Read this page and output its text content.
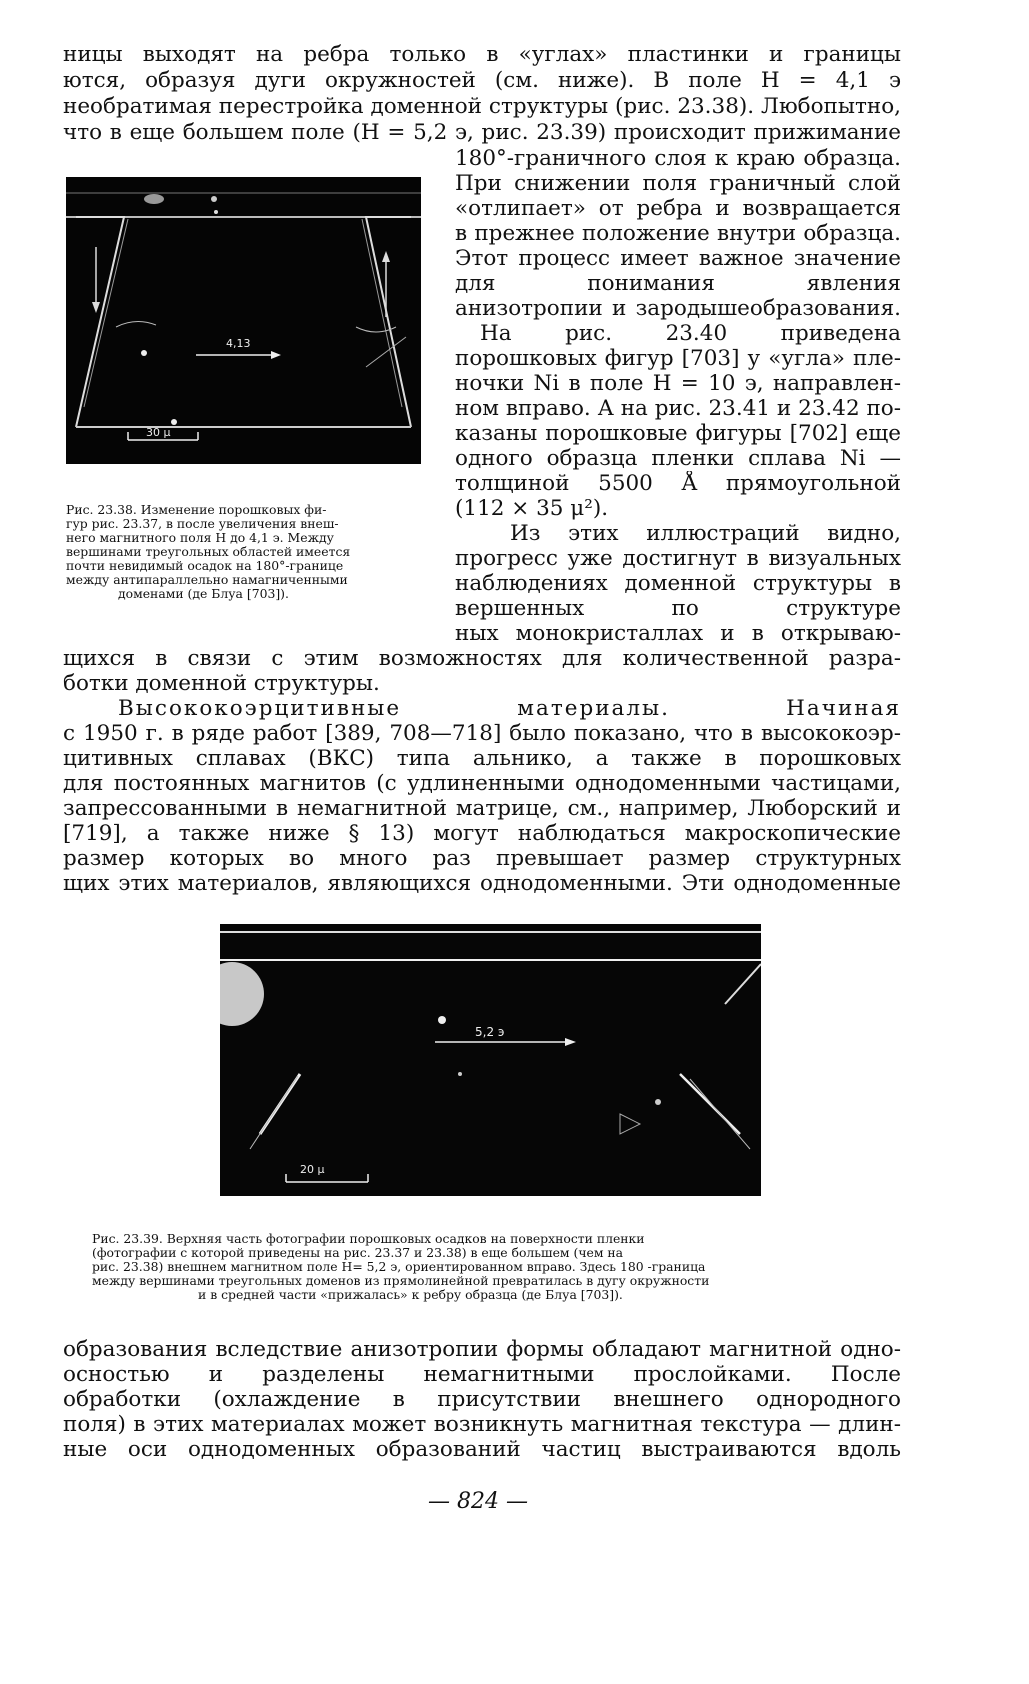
ницы выходят на ребра только в «углах» пластинки и границы
ются, образуя дуги окружностей (см. ниже). В поле H = 4,1 э
необратимая перестройка доменной структуры (рис. 23.38). Любопытно,
что в еще большем поле (H = 5,2 э, рис. 23.39) происходит прижимание
180°-граничного слоя к краю образца.
При снижении поля граничный слой
«отлипает» от ребра и возвращается
в прежнее положение внутри образца.
Этот процесс имеет важное значение
для понимания явления
анизотропии и зародышеобразования.
На рис. 23.40 приведена
порошковых фигур [703] у «угла» пле-
ночки Ni в поле H = 10 э, направлен-
ном вправо. А на рис. 23.41 и 23.42 по-
казаны порошковые фигуры [702] еще
одного образца пленки сплава Ni —
толщиной 5500 Å прямоугольной
(112 × 35 μ²).
Из этих иллюстраций видно,
прогресс уже достигнут в визуальных
наблюдениях доменной структуры в
вершенных по структуре
ных монокристаллах и в открываю-
4,13
30 μ
Рис. 23.38. Изменение порошковых фи-
гур рис. 23.37, в после увеличения внеш-
него магнитного поля H до 4,1 э. Между
вершинами треугольных областей имеется
почти невидимый осадок на 180°-границе
между антипараллельно намагниченными
доменами (де Блуа [703]).
щихся в связи с этим возможностях для количественной разра-
ботки доменной структуры.
Высококоэрцитивные материалы. Начиная
с 1950 г. в ряде работ [389, 708—718] было показано, что в высококоэр-
цитивных сплавах (ВКС) типа альнико, а также в порошковых
для постоянных магнитов (с удлиненными однодоменными частицами,
запрессованными в немагнитной матрице, см., например, Люборский и
[719], а также ниже § 13) могут наблюдаться макроскопические
размер которых во много раз превышает размер структурных
щих этих материалов, являющихся однодоменными. Эти однодоменные
5,2 э
20 μ
Рис. 23.39. Верхняя часть фотографии порошковых осадков на поверхности пленки
(фотографии с которой приведены на рис. 23.37 и 23.38) в еще большем (чем на
рис. 23.38) внешнем магнитном поле H= 5,2 э, ориентированном вправо. Здесь 180 -граница
между вершинами треугольных доменов из прямолинейной превратилась в дугу окружности
и в средней части «прижалась» к ребру образца (де Блуа [703]).
образования вследствие анизотропии формы обладают магнитной одно-
осностью и разделены немагнитными прослойками. После
обработки (охлаждение в присутствии внешнего однородного
поля) в этих материалах может возникнуть магнитная текстура — длин-
ные оси однодоменных образований частиц выстраиваются вдоль
— 824 —
